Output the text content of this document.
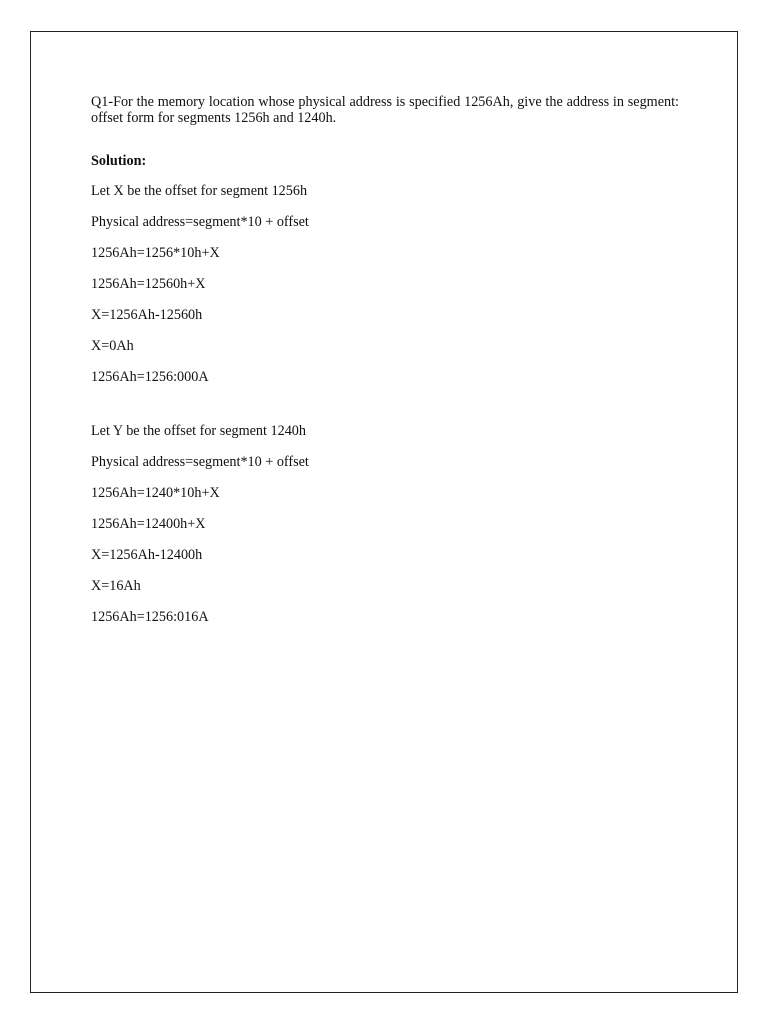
Q1-For the memory location whose physical address is specified 1256Ah, give the address in segment: offset form for segments 1256h and 1240h.

Solution:

Let X be the offset for segment 1256h

Physical address=segment*10 + offset

1256Ah=1256*10h+X

1256Ah=12560h+X

X=1256Ah-12560h

X=0Ah

1256Ah=1256:000A

Let Y be the offset for segment 1240h

Physical address=segment*10 + offset

1256Ah=1240*10h+X

1256Ah=12400h+X

X=1256Ah-12400h

X=16Ah

1256Ah=1256:016A
